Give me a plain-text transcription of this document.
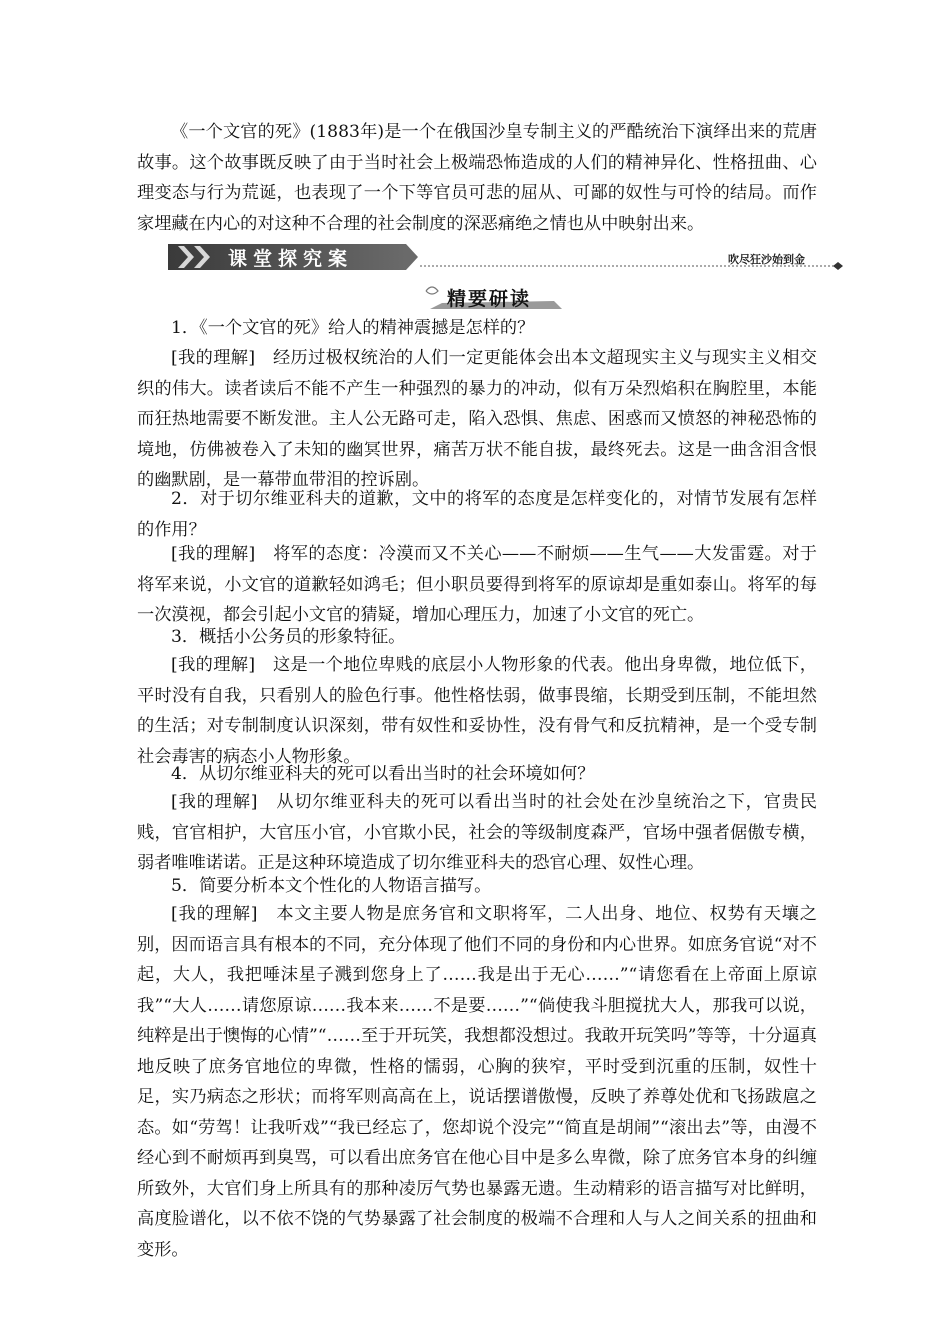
《一个文官的死》(1883年)是一个在俄国沙皇专制主义的严酷统治下演绎出来的荒唐故事。这个故事既反映了由于当时社会上极端恐怖造成的人们的精神异化、性格扭曲、心理变态与行为荒诞，也表现了一个下等官员可悲的屈从、可鄙的奴性与可怜的结局。而作家埋藏在内心的对这种不合理的社会制度的深恶痛绝之情也从中映射出来。

课堂探究案	吹尽狂沙始到金
精要研读

1．《一个文官的死》给人的精神震撼是怎样的？

[我的理解]　经历过极权统治的人们一定更能体会出本文超现实主义与现实主义相交织的伟大。读者读后不能不产生一种强烈的暴力的冲动，似有万朵烈焰积在胸腔里，本能而狂热地需要不断发泄。主人公无路可走，陷入恐惧、焦虑、困惑而又愤怒的神秘恐怖的境地，仿佛被卷入了未知的幽冥世界，痛苦万状不能自拔，最终死去。这是一曲含泪含恨的幽默剧，是一幕带血带泪的控诉剧。

2．对于切尔维亚科夫的道歉，文中的将军的态度是怎样变化的，对情节发展有怎样的作用？

[我的理解]　将军的态度：冷漠而又不关心——不耐烦——生气——大发雷霆。对于将军来说，小文官的道歉轻如鸿毛；但小职员要得到将军的原谅却是重如泰山。将军的每一次漠视，都会引起小文官的猜疑，增加心理压力，加速了小文官的死亡。

3．概括小公务员的形象特征。

[我的理解]　这是一个地位卑贱的底层小人物形象的代表。他出身卑微，地位低下，平时没有自我，只看别人的脸色行事。他性格怯弱，做事畏缩，长期受到压制，不能坦然的生活；对专制制度认识深刻，带有奴性和妥协性，没有骨气和反抗精神，是一个受专制社会毒害的病态小人物形象。

4．从切尔维亚科夫的死可以看出当时的社会环境如何？

[我的理解]　从切尔维亚科夫的死可以看出当时的社会处在沙皇统治之下，官贵民贱，官官相护，大官压小官，小官欺小民，社会的等级制度森严，官场中强者倨傲专横，弱者唯唯诺诺。正是这种环境造成了切尔维亚科夫的恐官心理、奴性心理。

5．简要分析本文个性化的人物语言描写。

[我的理解]　本文主要人物是庶务官和文职将军，二人出身、地位、权势有天壤之别，因而语言具有根本的不同，充分体现了他们不同的身份和内心世界。如庶务官说“对不起，大人，我把唾沫星子溅到您身上了……我是出于无心……”“请您看在上帝面上原谅我”“大人……请您原谅……我本来……不是要……”“倘使我斗胆搅扰大人，那我可以说，纯粹是出于懊悔的心情”“……至于开玩笑，我想都没想过。我敢开玩笑吗”等等，十分逼真地反映了庶务官地位的卑微，性格的懦弱，心胸的狭窄，平时受到沉重的压制，奴性十足，实乃病态之形状；而将军则高高在上，说话摆谱傲慢，反映了养尊处优和飞扬跋扈之态。如“劳驾！让我听戏”“我已经忘了，您却说个没完”“简直是胡闹”“滚出去”等，由漫不经心到不耐烦再到臭骂，可以看出庶务官在他心目中是多么卑微，除了庶务官本身的纠缠所致外，大官们身上所具有的那种凌厉气势也暴露无遗。生动精彩的语言描写对比鲜明，高度脸谱化，以不依不饶的气势暴露了社会制度的极端不合理和人与人之间关系的扭曲和变形。
